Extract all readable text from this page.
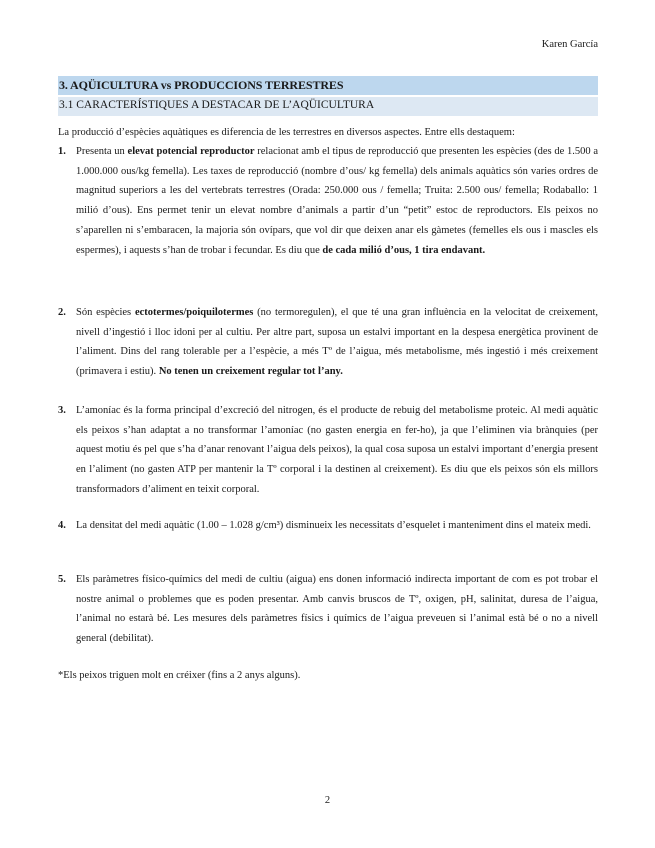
Karen García
3. AQÜICULTURA vs PRODUCCIONS TERRESTRES
3.1 CARACTERÍSTIQUES A DESTACAR DE L’AQÜICULTURA
La producció d’espècies aquàtiques es diferencia de les terrestres en diversos aspectes. Entre ells destaquem:
1. Presenta un elevat potencial reproductor relacionat amb el tipus de reproducció que presenten les espècies (des de 1.500 a 1.000.000 ous/kg femella). Les taxes de reproducció (nombre d’ous/ kg femella) dels animals aquàtics són varies ordres de magnitud superiors a les del vertebrats terrestres (Orada: 250.000 ous / femella; Truita: 2.500 ous/ femella; Rodaballo: 1 milió d’ous). Ens permet tenir un elevat nombre d’animals a partir d’un “petit” estoc de reproductors. Els peixos no s’aparellen ni s’embaracen, la majoria són ovípars, que vol dir que deixen anar els gàmetes (femelles els ous i mascles els espermes), i aquests s’han de trobar i fecundar. Es diu que de cada milió d’ous, 1 tira endavant.
2. Són espècies ectotermes/poiquilotermes (no termoregulen), el que té una gran influència en la velocitat de creixement, nivell d’ingestió i lloc idoni per al cultiu. Per altre part, suposa un estalvi important en la despesa energètica provinent de l’aliment. Dins del rang tolerable per a l’espècie, a més Tº de l’aigua, més metabolisme, més ingestió i més creixement (primavera i estiu). No tenen un creixement regular tot l’any.
3. L’amoníac és la forma principal d’excreció del nitrogen, és el producte de rebuig del metabolisme proteic. Al medi aquàtic els peixos s’han adaptat a no transformar l’amoníac (no gasten energia en fer-ho), ja que l’eliminen via brànquies (per aquest motiu és pel que s’ha d’anar renovant l’aigua dels peixos), la qual cosa suposa un estalvi important d’energia present en l’aliment (no gasten ATP per mantenir la Tº corporal i la destinen al creixement). Es diu que els peixos són els millors transformadors d’aliment en teixit corporal.
4. La densitat del medi aquàtic (1.00 – 1.028 g/cm³) disminueix les necessitats d’esquelet i manteniment dins el mateix medi.
5. Els paràmetres físico-químics del medi de cultiu (aigua) ens donen informació indirecta important de com es pot trobar el nostre animal o problemes que es poden presentar. Amb canvis bruscos de Tº, oxigen, pH, salinitat, duresa de l’aigua, l’animal no estarà bé. Les mesures dels paràmetres físics i químics de l’aigua preveuen si l’animal està bé o no a nivell general (debilitat).
*Els peixos triguen molt en créixer (fins a 2 anys alguns).
2
